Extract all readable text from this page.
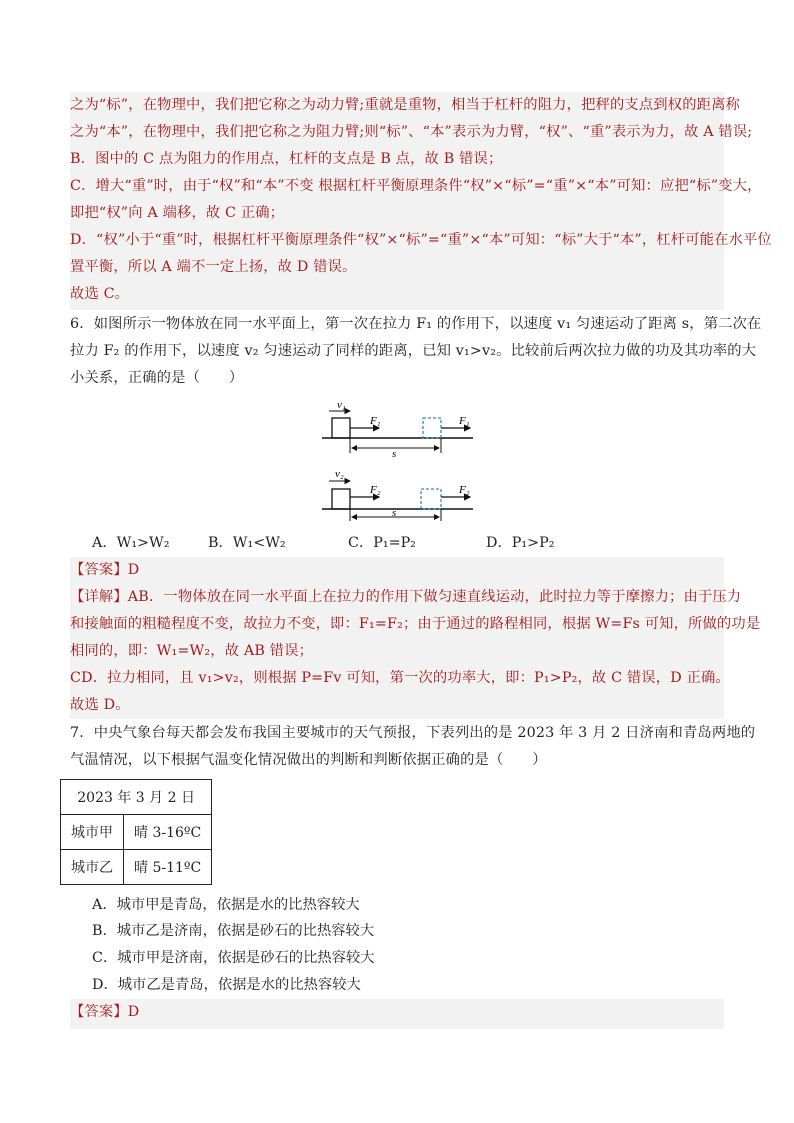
之为“标”，在物理中，我们把它称之为动力臂;重就是重物，相当于杠杆的阻力，把秤的支点到权的距离称
之为“本”，在物理中，我们把它称之为阻力臂;则“标”、“本”表示为力臂，“权”、“重”表示为力，故 A 错误;
B．图中的 C 点为阻力的作用点，杠杆的支点是 B 点，故 B 错误；
C．增大“重”时，由于“权”和“本”不变 根据杠杆平衡原理条件“权”×“标”=“重”×“本”可知：应把“标”变大，
即把“权”向 A 端移，故 C 正确；
D．“权”小于“重”时，根据杠杆平衡原理条件“权”×“标”=“重”×“本”可知：“标”大于“本”，杠杆可能在水平位
置平衡，所以 A 端不一定上扬，故 D 错误。
故选 C。
6．如图所示一物体放在同一水平面上，第一次在拉力 F₁ 的作用下，以速度 v₁ 匀速运动了距离 s，第二次在
拉力 F₂ 的作用下，以速度 v₂ 匀速运动了同样的距离，已知 v₁>v₂。比较前后两次拉力做的功及其功率的大
小关系，正确的是（　　）
v₁
F₁	F₁
s
v₂
F₂	F₂
s
A．W₁>W₂	B．W₁<W₂	C．P₁=P₂	D．P₁>P₂
【答案】D
【详解】AB．一物体放在同一水平面上在拉力的作用下做匀速直线运动，此时拉力等于摩擦力；由于压力
和接触面的粗糙程度不变，故拉力不变，即：F₁=F₂；由于通过的路程相同，根据 W=Fs 可知，所做的功是
相同的，即：W₁=W₂，故 AB 错误；
CD．拉力相同，且 v₁>v₂，则根据 P=Fv 可知，第一次的功率大，即：P₁>P₂，故 C 错误，D 正确。
故选 D。
7．中央气象台每天都会发布我国主要城市的天气预报，下表列出的是 2023 年 3 月 2 日济南和青岛两地的
气温情况，以下根据气温变化情况做出的判断和判断依据正确的是（　　）
2023 年 3 月 2 日	
城市甲	晴 3-16ºC
城市乙	晴 5-11ºC
A．城市甲是青岛，依据是水的比热容较大
B．城市乙是济南，依据是砂石的比热容较大
C．城市甲是济南，依据是砂石的比热容较大
D．城市乙是青岛，依据是水的比热容较大
【答案】D
